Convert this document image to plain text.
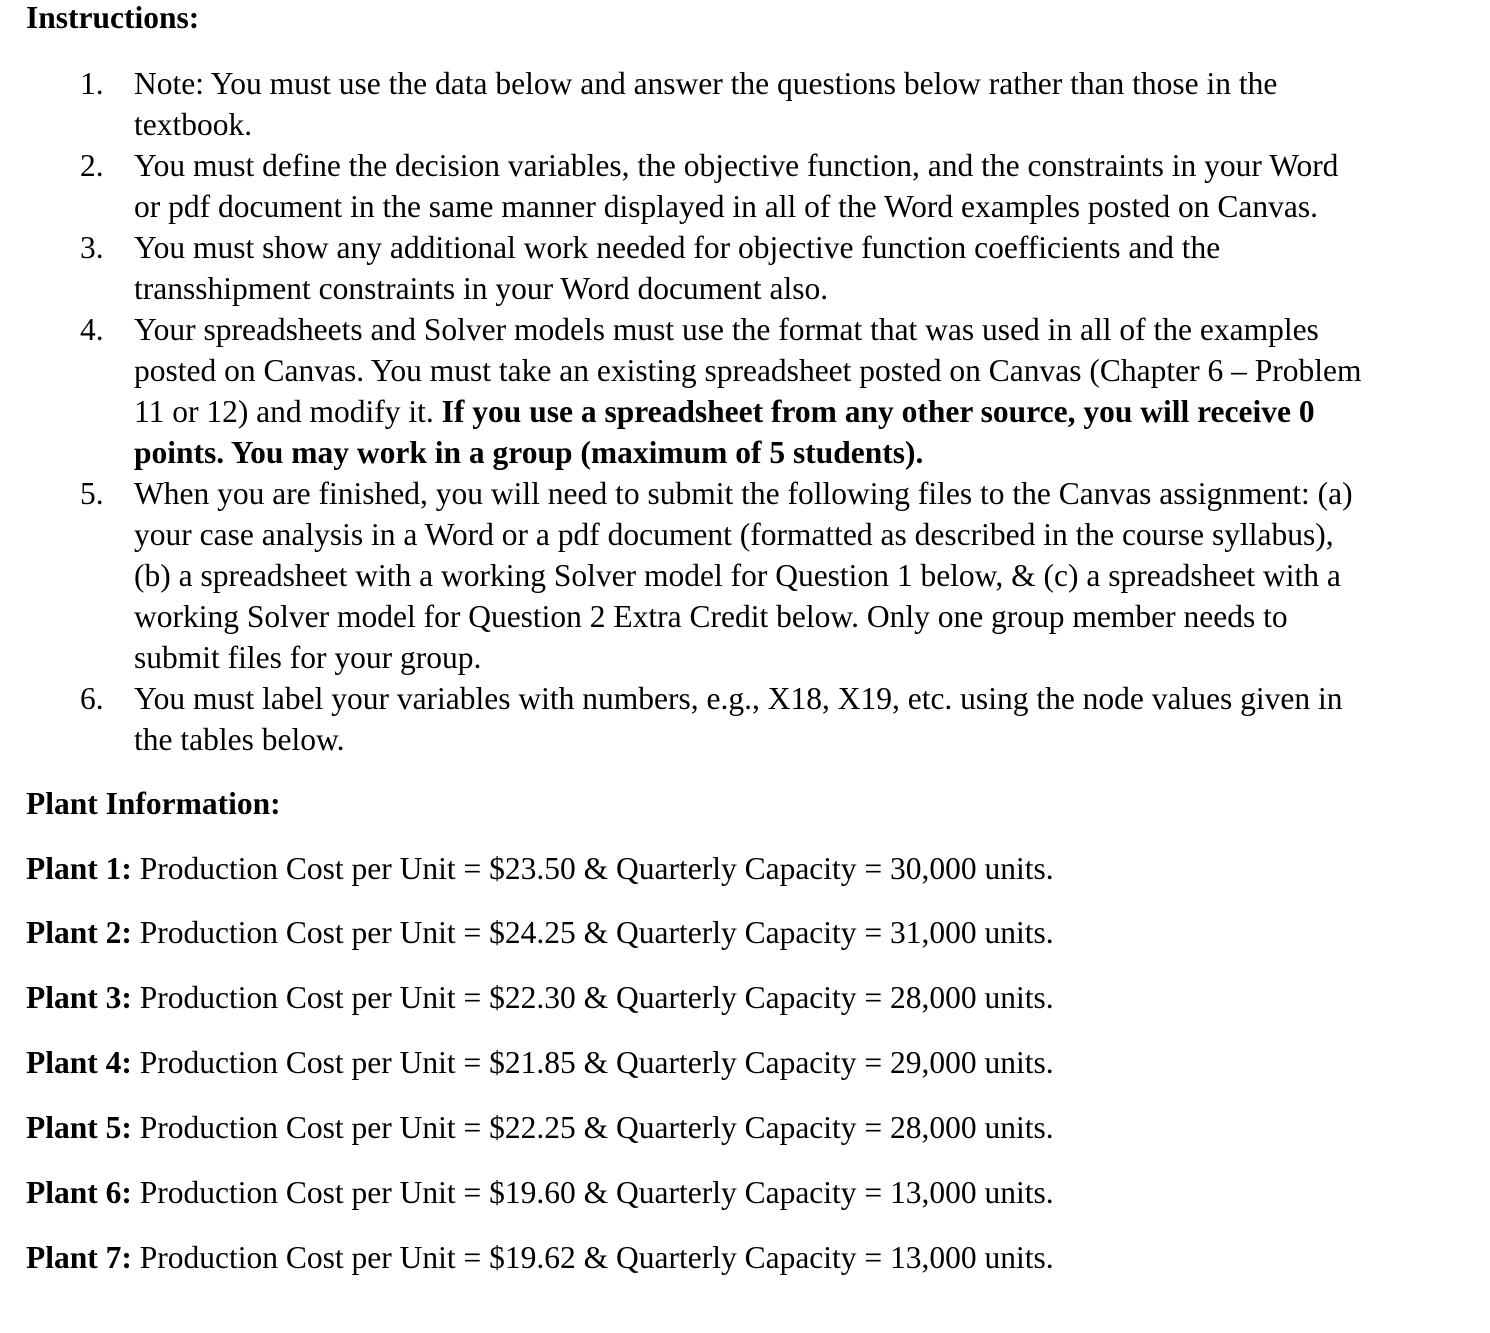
Instructions:
1. Note: You must use the data below and answer the questions below rather than those in the
textbook.
2. You must define the decision variables, the objective function, and the constraints in your Word
or pdf document in the same manner displayed in all of the Word examples posted on Canvas.
3. You must show any additional work needed for objective function coefficients and the
transshipment constraints in your Word document also.
4. Your spreadsheets and Solver models must use the format that was used in all of the examples
posted on Canvas. You must take an existing spreadsheet posted on Canvas (Chapter 6 – Problem
11 or 12) and modify it. If you use a spreadsheet from any other source, you will receive 0
points. You may work in a group (maximum of 5 students).
5. When you are finished, you will need to submit the following files to the Canvas assignment: (a)
your case analysis in a Word or a pdf document (formatted as described in the course syllabus),
(b) a spreadsheet with a working Solver model for Question 1 below, & (c) a spreadsheet with a
working Solver model for Question 2 Extra Credit below. Only one group member needs to
submit files for your group.
6. You must label your variables with numbers, e.g., X18, X19, etc. using the node values given in
the tables below.
Plant Information:
Plant 1: Production Cost per Unit = $23.50 & Quarterly Capacity = 30,000 units.
Plant 2: Production Cost per Unit = $24.25 & Quarterly Capacity = 31,000 units.
Plant 3: Production Cost per Unit = $22.30 & Quarterly Capacity = 28,000 units.
Plant 4: Production Cost per Unit = $21.85 & Quarterly Capacity = 29,000 units.
Plant 5: Production Cost per Unit = $22.25 & Quarterly Capacity = 28,000 units.
Plant 6: Production Cost per Unit = $19.60 & Quarterly Capacity = 13,000 units.
Plant 7: Production Cost per Unit = $19.62 & Quarterly Capacity = 13,000 units.
